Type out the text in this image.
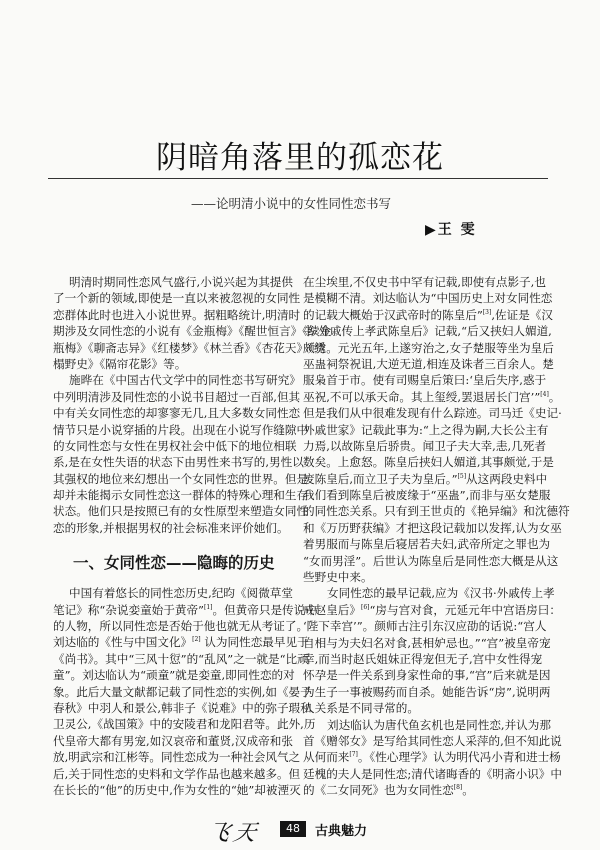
阴暗角落里的孤恋花
——论明清小说中的女性同性恋书写
▶王 雯
明清时期同性恋风气盛行,小说兴起为其提供
了一个新的领域,即使是一直以来被忽视的女同性
恋群体此时也进入小说世界。据粗略统计,明清时
期涉及女同性恋的小说有《金瓶梅》《醒世恒言》《续金
瓶梅》《聊斋志异》《红楼梦》《林兰香》《杏花天》《绣
榻野史》《隔帘花影》等。
施晔在《中国古代文学中的同性恋书写研究》
中列明清涉及同性恋的小说书目超过一百部,但其
中有关女同性恋的却寥寥无几,且大多数女同性恋
情节只是小说穿插的片段。出现在小说写作缝隙中
的女同性恋与女性在男权社会中低下的地位相联
系,是在女性失语的状态下由男性来书写的,男性以
其强权的地位来幻想出一个女同性恋的世界。但是
却并未能揭示女同性恋这一群体的特殊心理和生存
状态。他们只是按照已有的女性原型来塑造女同性
恋的形象,并根据男权的社会标准来评价她们。
一、女同性恋——隐晦的历史
中国有着悠长的同性恋历史,纪昀《阅微草堂
笔记》称“杂说娈童始于黄帝”[1]。但黄帝只是传说中
的人物，所以同性恋是否始于他也就无从考证了。
刘达临的《性与中国文化》[2] 认为同性恋最早见于
《尚书》。其中“三风十愆”的“乱风”之一就是“比顽
童”。刘达临认为“顽童”就是娈童,即同性恋的对
象。此后大量文献都记载了同性恋的实例,如《晏子
春秋》中羽人和景公,韩非子《说难》中的弥子瑕和
卫灵公,《战国策》中的安陵君和龙阳君等。此外,历
代皇帝大都有男宠,如汉哀帝和董贤,汉成帝和张
放,明武宗和江彬等。同性恋成为一种社会风气之
后,关于同性恋的史料和文学作品也越来越多。但
在长长的“他”的历史中,作为女性的“她”却被湮灭
在尘埃里,不仅史书中罕有记载,即使有点影子,也
是模糊不清。刘达临认为“中国历史上对女同性恋
的记载大概始于汉武帝时的陈皇后”[3],佐证是《汉
书·外戚传上孝武陈皇后》记载,“后又挟妇人媚道,
颇觉。元光五年,上遂穷治之,女子楚服等坐为皇后
巫蛊祠祭祝诅,大逆无道,相连及诛者三百余人。楚
服枭首于市。使有司赐皇后策曰:‘皇后失序,惑于
巫祝,不可以承天命。其上玺绶,罢退居长门宫’”[4]。
但是我们从中很难发现有什么踪迹。司马迁《史记·
外戚世家》记载此事为:“上之得为嗣,大长公主有
力焉,以故陈皇后骄贵。闻卫子夫大幸,恚,几死者
数矣。上愈怒。陈皇后挟妇人媚道,其事颇觉,于是
废陈皇后,而立卫子夫为皇后。”[5]从这两段史料中
我们看到陈皇后被废缘于“巫蛊”,而非与巫女楚服
的同性恋关系。只有到王世贞的《艳异编》和沈德符
和《万历野获编》才把这段记载加以发挥,认为女巫
着男服而与陈皇后寝居若夫妇,武帝所定之罪也为
“女而男淫”。后世认为陈皇后是同性恋大概是从这
些野史中来。
女同性恋的最早记载,应为《汉书·外戚传上孝
成赵皇后》[6]“房与宫对食，元延元年中宫语房曰：
‘陛下幸宫’”。颜师古注引东汉应劭的话说:“宫人
自相与为夫妇名对食,甚相妒忌也。”“宫”被皇帝宠
幸,而当时赵氏姐妹正得宠但无子,宫中女性得宠
怀孕是一件关系到身家性命的事,“宫”后来就是因
为生子一事被赐药而自杀。她能告诉“房”,说明两
人关系是不同寻常的。
刘达临认为唐代鱼玄机也是同性恋,并认为那
首《赠邻女》是写给其同性恋人采萍的,但不知此说
从何而来[7]。《性心理学》认为明代冯小青和进士杨
廷槐的夫人是同性恋;清代诸晦香的《明斋小识》中
的《二女同死》也为女同性恋[8]。
飞天	48	古典魅力
